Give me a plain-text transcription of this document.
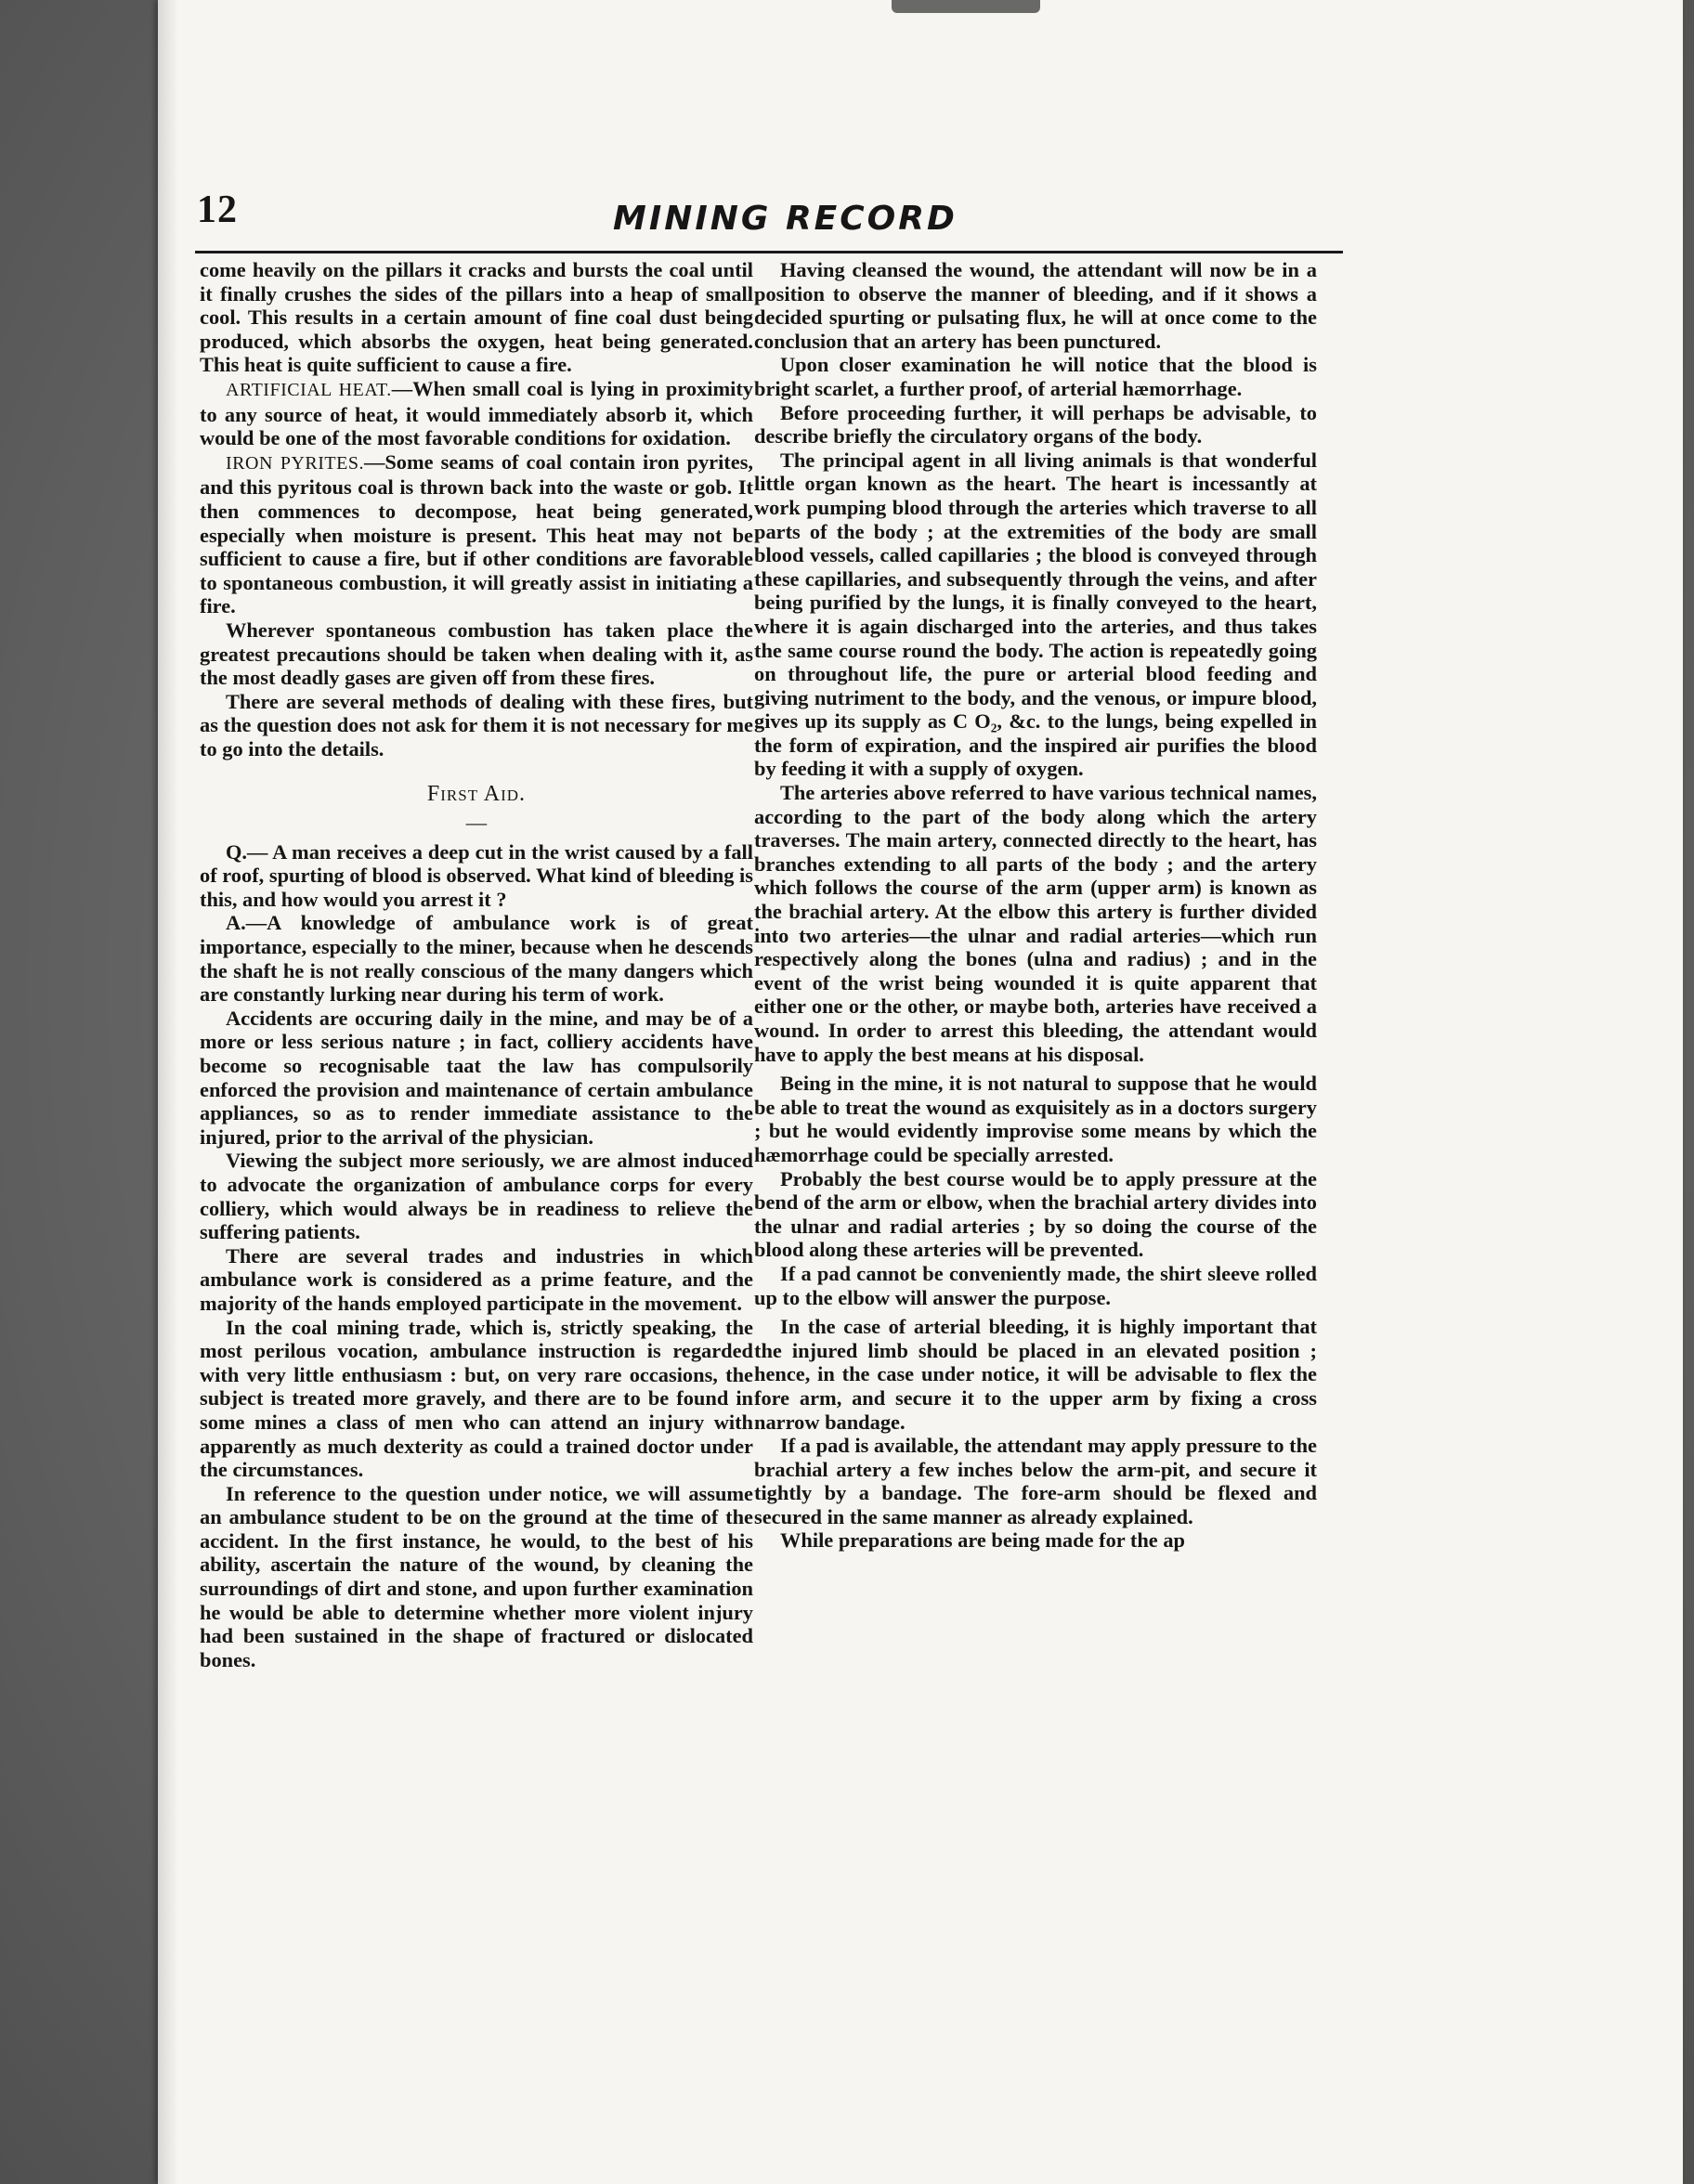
12	MINING RECORD

come heavily on the pillars it cracks and bursts the coal until it finally crushes the sides of the pillars into a heap of small cool. This results in a certain amount of fine coal dust being produced, which absorbs the oxygen, heat being generated. This heat is quite sufficient to cause a fire.

ARTIFICIAL HEAT.—When small coal is lying in proximity to any source of heat, it would immediately absorb it, which would be one of the most favorable conditions for oxidation.

IRON PYRITES.—Some seams of coal contain iron pyrites, and this pyritous coal is thrown back into the waste or gob. It then commences to decompose, heat being generated, especially when moisture is present. This heat may not be sufficient to cause a fire, but if other conditions are favorable to spontaneous combustion, it will greatly assist in initiating a fire.

Wherever spontaneous combustion has taken place the greatest precautions should be taken when dealing with it, as the most deadly gases are given off from these fires.

There are several methods of dealing with these fires, but as the question does not ask for them it is not necessary for me to go into the details.

First Aid.
—

Q.— A man receives a deep cut in the wrist caused by a fall of roof, spurting of blood is observed. What kind of bleeding is this, and how would you arrest it ?

A.—A knowledge of ambulance work is of great importance, especially to the miner, because when he descends the shaft he is not really conscious of the many dangers which are constantly lurking near during his term of work.

Accidents are occuring daily in the mine, and may be of a more or less serious nature ; in fact, colliery accidents have become so recognisable taat the law has compulsorily enforced the provision and maintenance of certain ambulance appliances, so as to render immediate assistance to the injured, prior to the arrival of the physician.

Viewing the subject more seriously, we are almost induced to advocate the organization of ambulance corps for every colliery, which would always be in readiness to relieve the suffering patients.

There are several trades and industries in which ambulance work is considered as a prime feature, and the majority of the hands employed participate in the movement.

In the coal mining trade, which is, strictly speaking, the most perilous vocation, ambulance instruction is regarded with very little enthusiasm : but, on very rare occasions, the subject is treated more gravely, and there are to be found in some mines a class of men who can attend an injury with apparently as much dexterity as could a trained doctor under the circumstances.

In reference to the question under notice, we will assume an ambulance student to be on the ground at the time of the accident. In the first instance, he would, to the best of his ability, ascertain the nature of the wound, by cleaning the surroundings of dirt and stone, and upon further examination he would be able to determine whether more violent injury had been sustained in the shape of fractured or dislocated bones.

Having cleansed the wound, the attendant will now be in a position to observe the manner of bleeding, and if it shows a decided spurting or pulsating flux, he will at once come to the conclusion that an artery has been punctured.

Upon closer examination he will notice that the blood is bright scarlet, a further proof, of arterial hæmorrhage.

Before proceeding further, it will perhaps be advisable, to describe briefly the circulatory organs of the body.

The principal agent in all living animals is that wonderful little organ known as the heart. The heart is incessantly at work pumping blood through the arteries which traverse to all parts of the body ; at the extremities of the body are small blood vessels, called capillaries ; the blood is conveyed through these capillaries, and subsequently through the veins, and after being purified by the lungs, it is finally conveyed to the heart, where it is again discharged into the arteries, and thus takes the same course round the body. The action is repeatedly going on throughout life, the pure or arterial blood feeding and giving nutriment to the body, and the venous, or impure blood, gives up its supply as C O₂, &c. to the lungs, being expelled in the form of expiration, and the inspired air purifies the blood by feeding it with a supply of oxygen.

The arteries above referred to have various technical names, according to the part of the body along which the artery traverses. The main artery, connected directly to the heart, has branches extending to all parts of the body ; and the artery which follows the course of the arm (upper arm) is known as the brachial artery. At the elbow this artery is further divided into two arteries—the ulnar and radial arteries—which run respectively along the bones (ulna and radius) ; and in the event of the wrist being wounded it is quite apparent that either one or the other, or maybe both, arteries have received a wound. In order to arrest this bleeding, the attendant would have to apply the best means at his disposal.

Being in the mine, it is not natural to suppose that he would be able to treat the wound as exquisitely as in a doctors surgery ; but he would evidently improvise some means by which the hæmorrhage could be specially arrested.

Probably the best course would be to apply pressure at the bend of the arm or elbow, when the brachial artery divides into the ulnar and radial arteries ; by so doing the course of the blood along these arteries will be prevented.

If a pad cannot be conveniently made, the shirt sleeve rolled up to the elbow will answer the purpose.

In the case of arterial bleeding, it is highly important that the injured limb should be placed in an elevated position ; hence, in the case under notice, it will be advisable to flex the fore arm, and secure it to the upper arm by fixing a cross narrow bandage.

If a pad is available, the attendant may apply pressure to the brachial artery a few inches below the arm-pit, and secure it tightly by a bandage. The fore-arm should be flexed and secured in the same manner as already explained.

While preparations are being made for the ap
